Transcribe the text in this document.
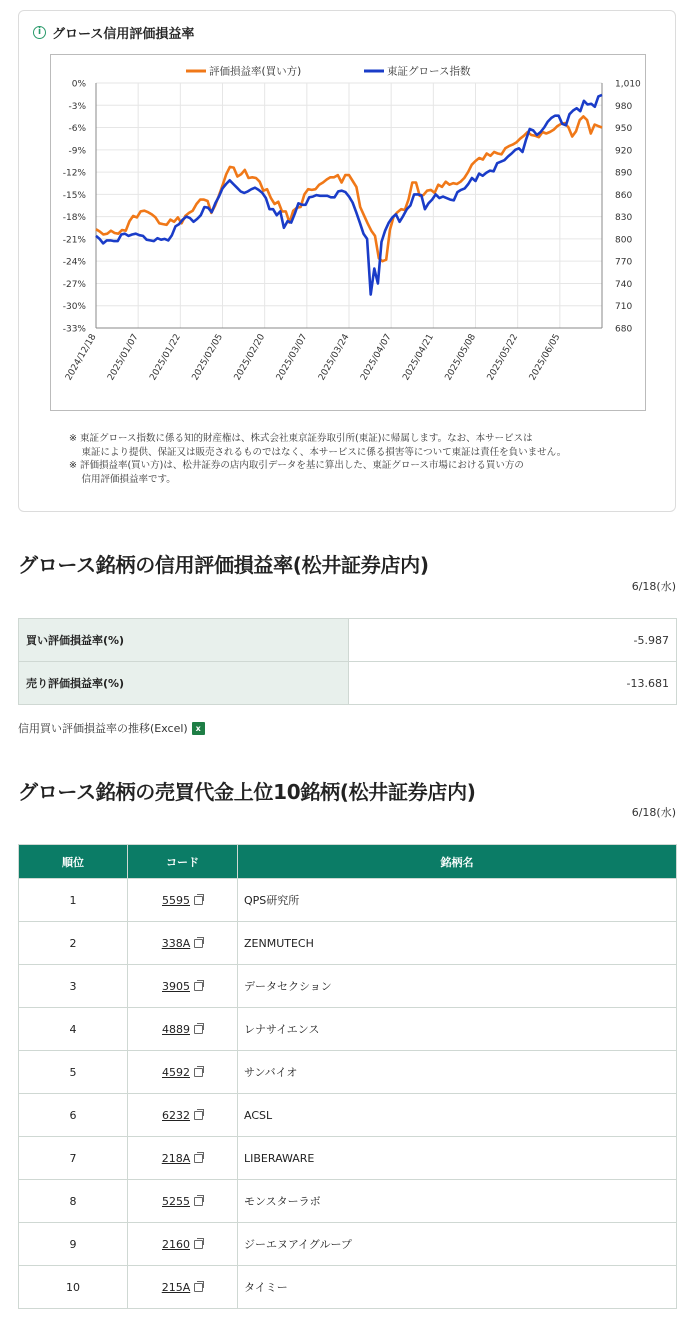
i グロース信用評価損益率
0%
-3%
-6%
-9%
-12%
-15%
-18%
-21%
-24%
-27%
-30%
-33%
1,010
980
950
920
890
860
830
800
770
740
710
680
2024/12/18 2025/01/07 2025/01/22 2025/02/05 2025/02/20 2025/03/07 2025/03/24 2025/04/07 2025/04/21 2025/05/08 2025/05/22 2025/06/05
評価損益率(買い方)	東証グロース指数
※ 東証グロース指数に係る知的財産権は、株式会社東京証券取引所(東証)に帰属します。なお、本サービスは
　 東証により提供、保証又は販売されるものではなく、本サービスに係る損害等について東証は責任を負いません。
※ 評価損益率(買い方)は、松井証券の店内取引データを基に算出した、東証グロース市場における買い方の
　 信用評価損益率です。
グロース銘柄の信用評価損益率(松井証券店内)
6/18(水)
買い評価損益率(%)	-5.987
売り評価損益率(%)	-13.681
信用買い評価損益率の推移(Excel) x
グロース銘柄の売買代金上位10銘柄(松井証券店内)
6/18(水)
順位	コード	銘柄名
1	5595	QPS研究所
2	338A	ZENMUTECH
3	3905	データセクション
4	4889	レナサイエンス
5	4592	サンバイオ
6	6232	ACSL
7	218A	LIBERAWARE
8	5255	モンスターラボ
9	2160	ジーエヌアイグループ
10	215A	タイミー
